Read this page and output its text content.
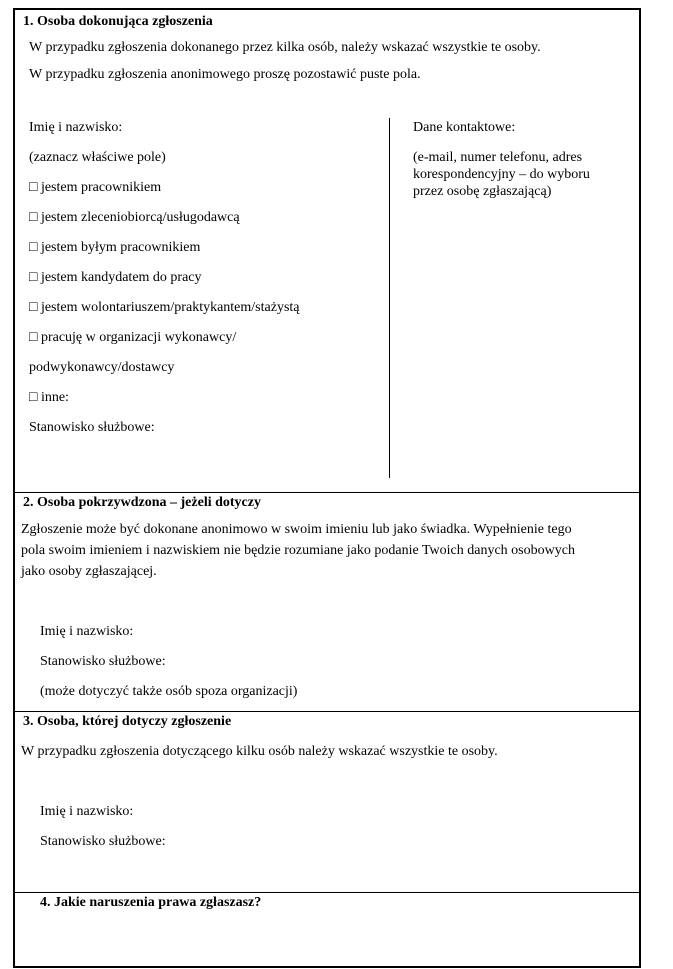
1. Osoba dokonująca zgłoszenia
W przypadku zgłoszenia dokonanego przez kilka osób, należy wskazać wszystkie te osoby.
W przypadku zgłoszenia anonimowego proszę pozostawić puste pola.
Imię i nazwisko:
(zaznacz właściwe pole)
□ jestem pracownikiem
□ jestem zleceniobiorcą/usługodawcą
□ jestem byłym pracownikiem
□ jestem kandydatem do pracy
□ jestem wolontariuszem/praktykantem/stażystą
□ pracuję w organizacji wykonawcy/
podwykonawcy/dostawcy
□ inne:
Stanowisko służbowe:
Dane kontaktowe:
(e-mail, numer telefonu, adres
korespondencyjny – do wyboru
przez osobę zgłaszającą)
2. Osoba pokrzywdzona – jeżeli dotyczy
Zgłoszenie może być dokonane anonimowo w swoim imieniu lub jako świadka. Wypełnienie tego
pola swoim imieniem i nazwiskiem nie będzie rozumiane jako podanie Twoich danych osobowych
jako osoby zgłaszającej.
Imię i nazwisko:
Stanowisko służbowe:
(może dotyczyć także osób spoza organizacji)
3. Osoba, której dotyczy zgłoszenie
W przypadku zgłoszenia dotyczącego kilku osób należy wskazać wszystkie te osoby.
Imię i nazwisko:
Stanowisko służbowe:
4. Jakie naruszenia prawa zgłaszasz?
